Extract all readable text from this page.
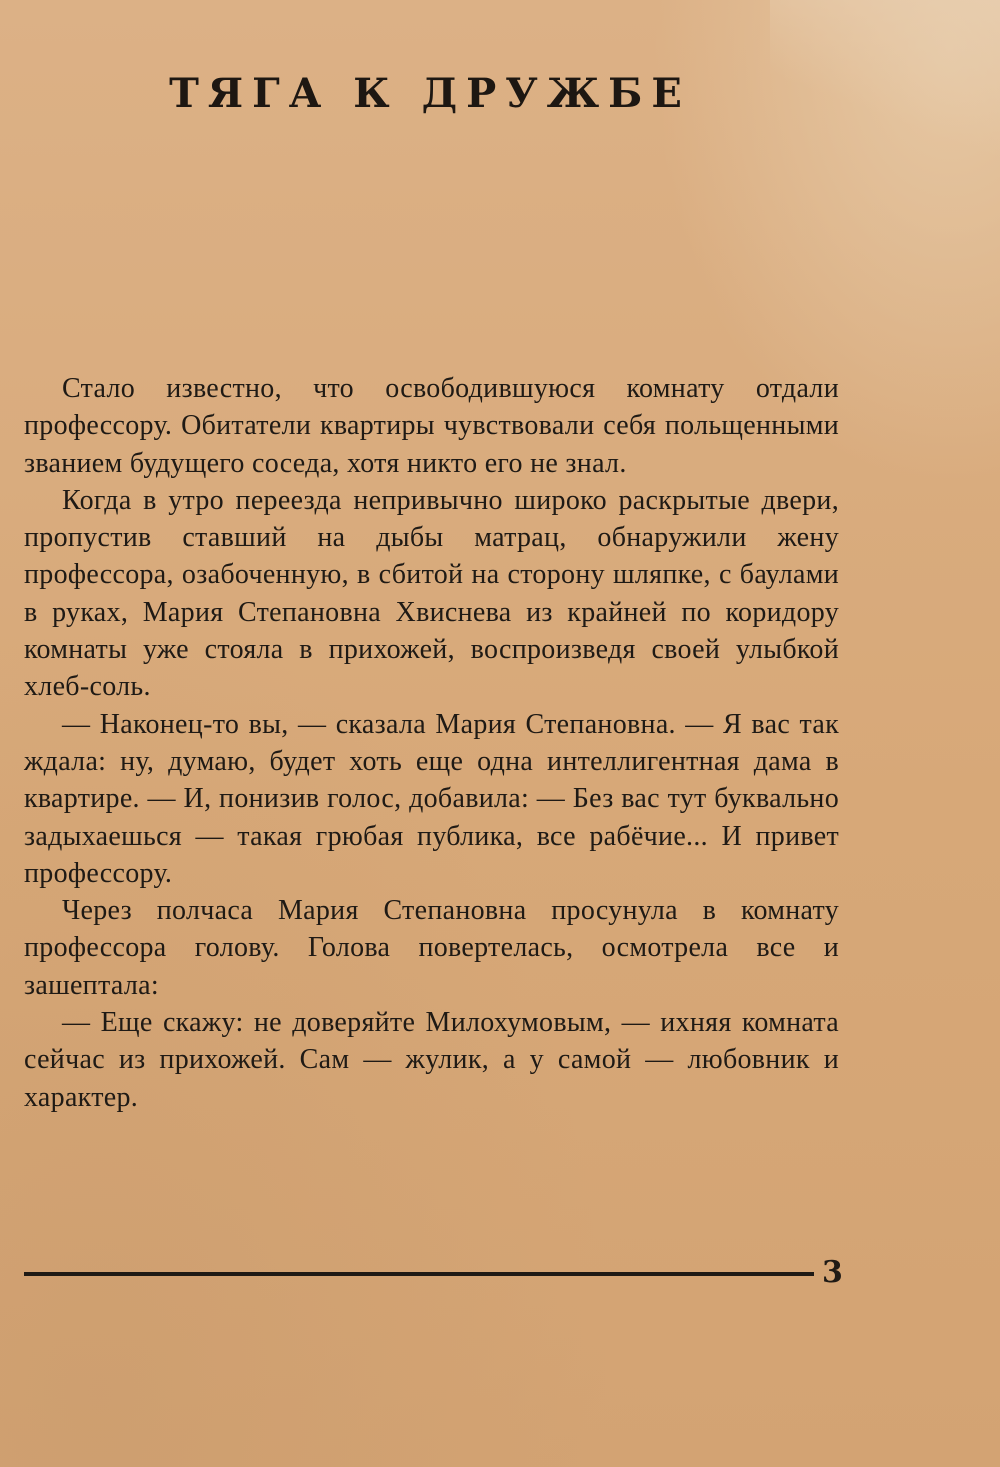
ТЯГА К ДРУЖБЕ

Стало известно, что освободившуюся комнату отдали профессору. Обитатели квартиры чувствовали себя польщенными званием будущего соседа, хотя никто его не знал.

Когда в утро переезда непривычно широко раскрытые двери, пропустив ставший на дыбы матрац, обнаружили жену профессора, озабоченную, в сбитой на сторону шляпке, с баулами в руках, Мария Степановна Хвиснева из крайней по коридору комнаты уже стояла в прихожей, воспроизведя своей улыбкой хлеб-соль.

— Наконец-то вы, — сказала Мария Степановна. — Я вас так ждала: ну, думаю, будет хоть еще одна интеллигентная дама в квартире. — И, понизив голос, добавила: — Без вас тут буквально задыхаешься — такая грюбая публика, все рабёчие... И привет профессору.

Через полчаса Мария Степановна просунула в комнату профессора голову. Голова повертелась, осмотрела все и зашептала:

— Еще скажу: не доверяйте Милохумовым, — ихняя комната сейчас из прихожей. Сам — жулик, а у самой — любовник и характер.

3
